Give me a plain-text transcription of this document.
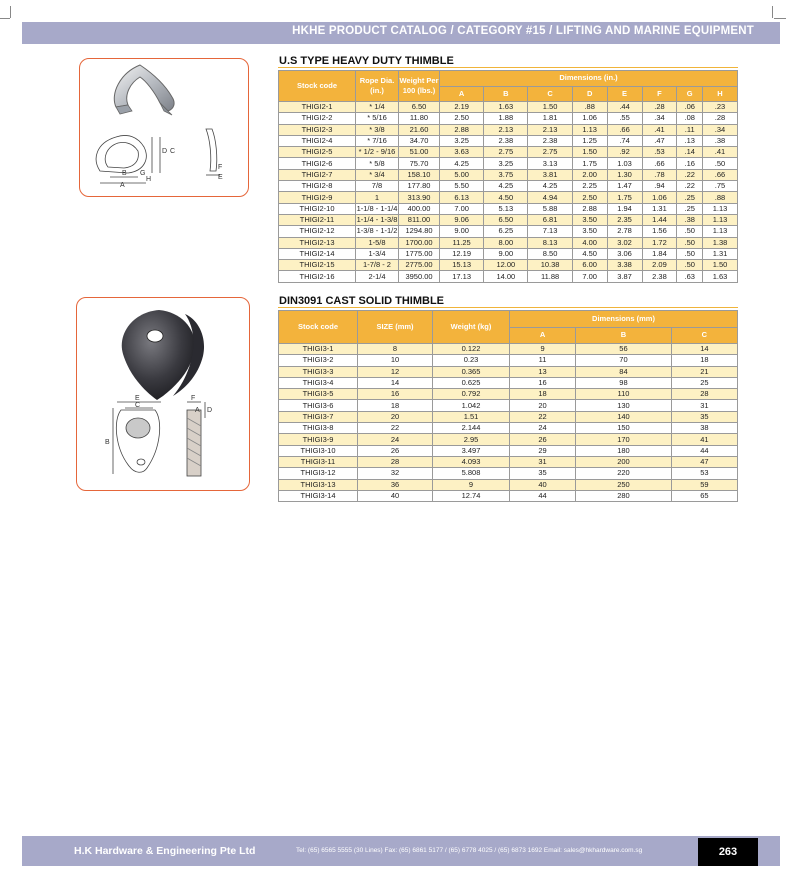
HKHE PRODUCT CATALOG / CATEGORY #15 / LIFTING AND MARINE EQUIPMENT
U.S TYPE HEAVY DUTY THIMBLE
D C
B G
H
A
F
E
Stock code	Rope Dia. (in.)	Weight Per 100 (lbs.)	Dimensions (in.)							
			A	B	C	D	E	F	G	H
THIGI2-1	* 1/4	6.50	2.19	1.63	1.50	.88	.44	.28	.06	.23
THIGI2-2	* 5/16	11.80	2.50	1.88	1.81	1.06	.55	.34	.08	.28
THIGI2-3	* 3/8	21.60	2.88	2.13	2.13	1.13	.66	.41	.11	.34
THIGI2-4	* 7/16	34.70	3.25	2.38	2.38	1.25	.74	.47	.13	.38
THIGI2-5	* 1/2 - 9/16	51.00	3.63	2.75	2.75	1.50	.92	.53	.14	.41
THIGI2-6	* 5/8	75.70	4.25	3.25	3.13	1.75	1.03	.66	.16	.50
THIGI2-7	* 3/4	158.10	5.00	3.75	3.81	2.00	1.30	.78	.22	.66
THIGI2-8	7/8	177.80	5.50	4.25	4.25	2.25	1.47	.94	.22	.75
THIGI2-9	1	313.90	6.13	4.50	4.94	2.50	1.75	1.06	.25	.88
THIGI2-10	1-1/8 - 1-1/4	400.00	7.00	5.13	5.88	2.88	1.94	1.31	.25	1.13
THIGI2-11	1-1/4 - 1-3/8	811.00	9.06	6.50	6.81	3.50	2.35	1.44	.38	1.13
THIGI2-12	1-3/8 - 1-1/2	1294.80	9.00	6.25	7.13	3.50	2.78	1.56	.50	1.13
THIGI2-13	1-5/8	1700.00	11.25	8.00	8.13	4.00	3.02	1.72	.50	1.38
THIGI2-14	1-3/4	1775.00	12.19	9.00	8.50	4.50	3.06	1.84	.50	1.31
THIGI2-15	1-7/8 - 2	2775.00	15.13	12.00	10.38	6.00	3.38	2.09	.50	1.50
THIGI2-16	2-1/4	3950.00	17.13	14.00	11.88	7.00	3.87	2.38	.63	1.63
DIN3091 CAST SOLID THIMBLE
E
C
B
A
F
D
Stock code	SIZE (mm)	Weight (kg)	Dimensions (mm)		
			A	B	C
THIGI3-1	8	0.122	9	56	14
THIGI3-2	10	0.23	11	70	18
THIGI3-3	12	0.365	13	84	21
THIGI3-4	14	0.625	16	98	25
THIGI3-5	16	0.792	18	110	28
THIGI3-6	18	1.042	20	130	31
THIGI3-7	20	1.51	22	140	35
THIGI3-8	22	2.144	24	150	38
THIGI3-9	24	2.95	26	170	41
THIGI3-10	26	3.497	29	180	44
THIGI3-11	28	4.093	31	200	47
THIGI3-12	32	5.808	35	220	53
THIGI3-13	36	9	40	250	59
THIGI3-14	40	12.74	44	280	65
H.K Hardware & Engineering Pte Ltd	Tel: (65) 6565 5555 (30 Lines) Fax: (65) 6861 5177 / (65) 6778 4025 / (65) 6873 1692 Email: sales@hkhardware.com.sg	263
